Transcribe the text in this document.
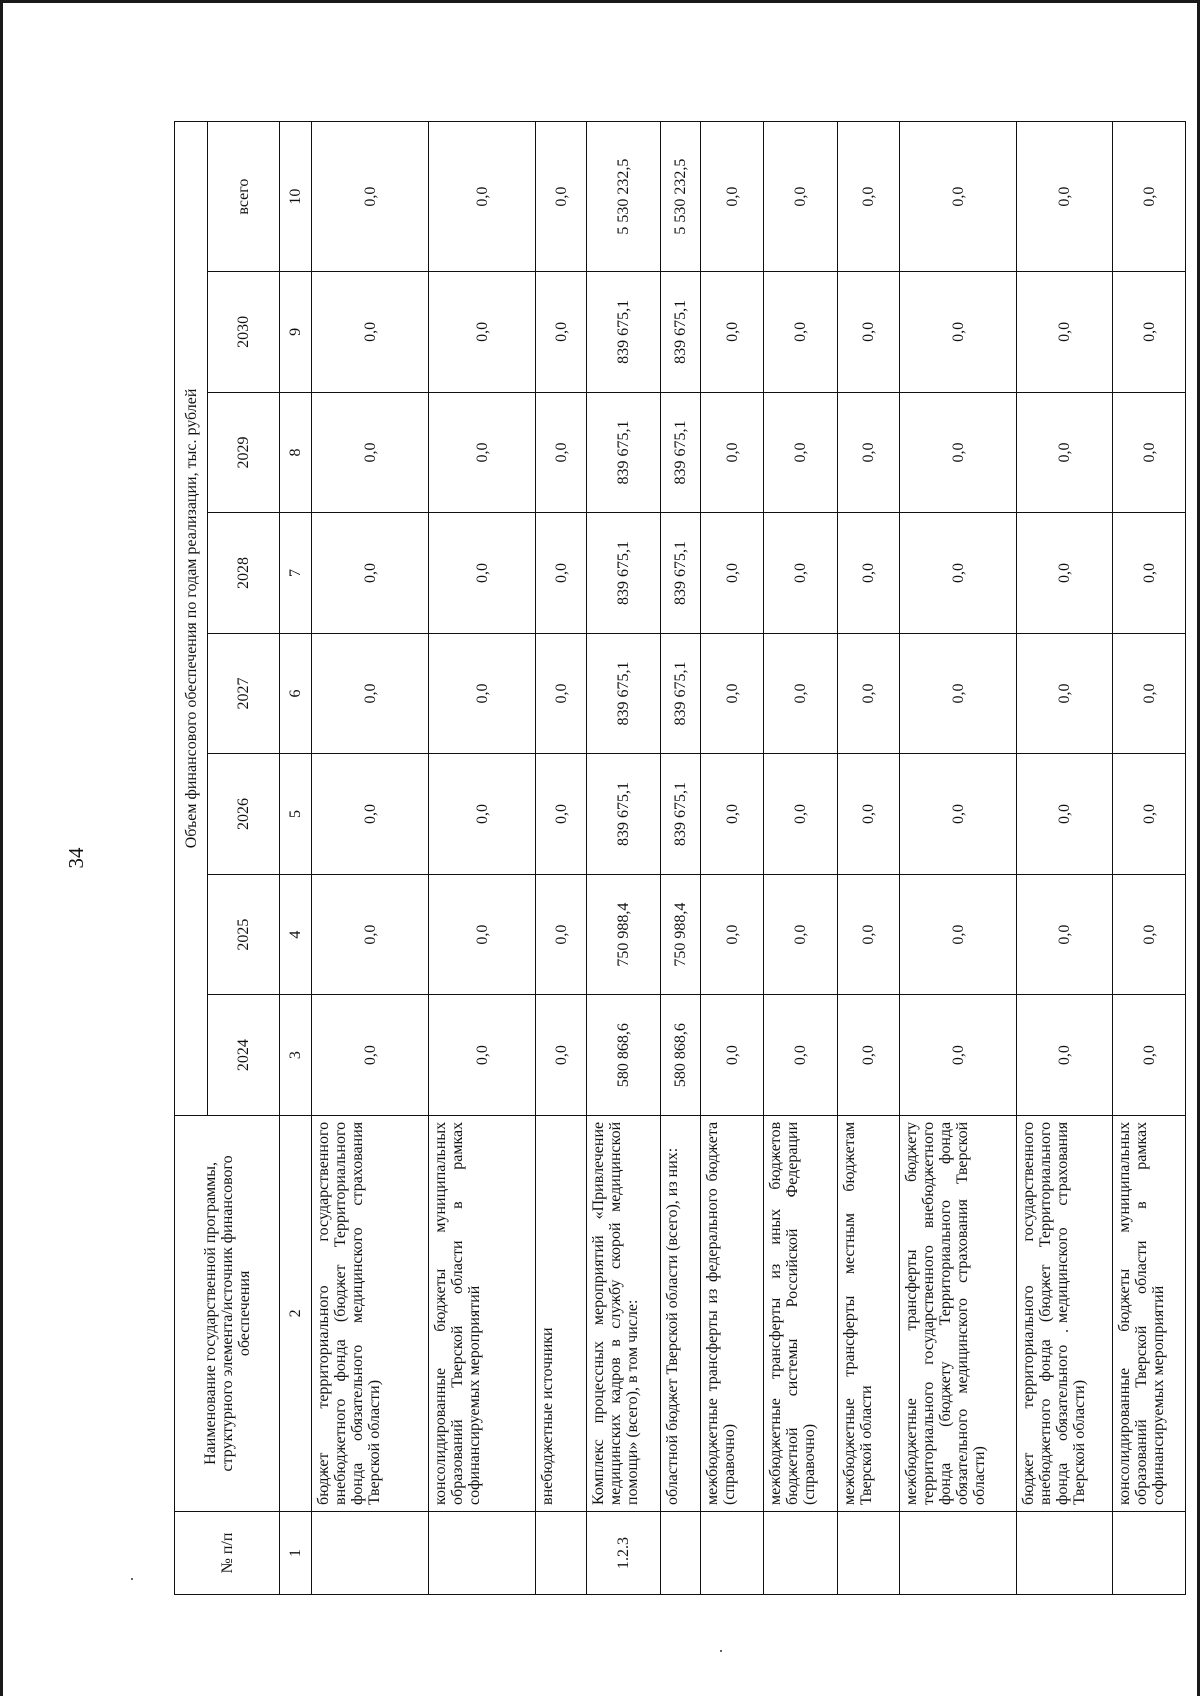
34
№ п/п	Наименование государственной программы, структурного элемента/источник финансового обеспечения	Объем финансового обеспечения по годам реализации, тыс. рублей							
		2024	2025	2026	2027	2028	2029	2030	всего
1	2	3	4	5	6	7	8	9	10
	бюджет территориального государственного внебюджетного фонда (бюджет Территориального фонда обязательного медицинского страхования Тверской области)	0,0	0,0	0,0	0,0	0,0	0,0	0,0	0,0
	консолидированные бюджеты муниципальных образований Тверской области в рамках софинансируемых мероприятий	0,0	0,0	0,0	0,0	0,0	0,0	0,0	0,0
	внебюджетные источники	0,0	0,0	0,0	0,0	0,0	0,0	0,0	0,0
1.2.3	Комплекс процессных мероприятий «Привлечение медицинских кадров в службу скорой медицинской помощи» (всего), в том числе:	580 868,6	750 988,4	839 675,1	839 675,1	839 675,1	839 675,1	839 675,1	5 530 232,5
	областной бюджет Тверской области (всего), из них:	580 868,6	750 988,4	839 675,1	839 675,1	839 675,1	839 675,1	839 675,1	5 530 232,5
	межбюджетные трансферты из федерального бюджета (справочно)	0,0	0,0	0,0	0,0	0,0	0,0	0,0	0,0
	межбюджетные трансферты из иных бюджетов бюджетной системы Российской Федерации (справочно)	0,0	0,0	0,0	0,0	0,0	0,0	0,0	0,0
	межбюджетные трансферты местным бюджетам Тверской области	0,0	0,0	0,0	0,0	0,0	0,0	0,0	0,0
	межбюджетные трансферты бюджету территориального государственного внебюджетного фонда (бюджету Территориального фонда обязательного медицинского страхования Тверской области)	0,0	0,0	0,0	0,0	0,0	0,0	0,0	0,0
	бюджет территориального государственного внебюджетного фонда (бюджет Территориального фонда обязательного медицинского страхования Тверской области)	0,0	0,0	0,0	0,0	0,0	0,0	0,0	0,0
	консолидированные бюджеты муниципальных образований Тверской области в рамках софинансируемых мероприятий	0,0	0,0	0,0	0,0	0,0	0,0	0,0	0,0
